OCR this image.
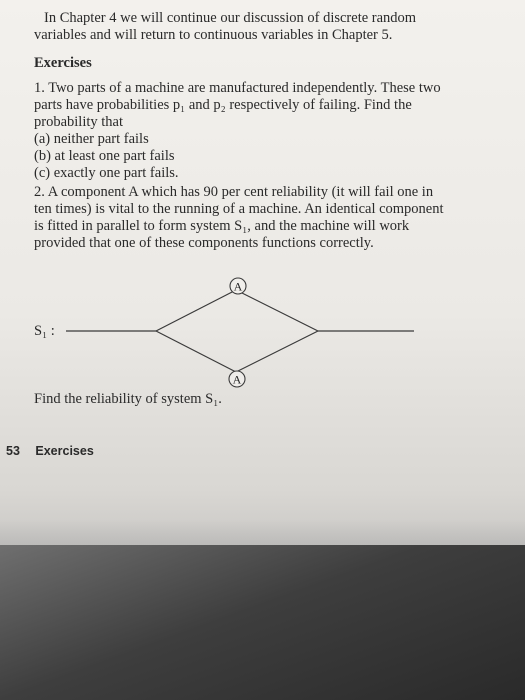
In Chapter 4 we will continue our discussion of discrete random

variables and will return to continuous variables in Chapter 5.

Exercises

1. Two parts of a machine are manufactured independently. These two

parts have probabilities p₁ and p₂ respectively of failing. Find the

probability that

(a) neither part fails

(b) at least one part fails

(c) exactly one part fails.

2. A component A which has 90 per cent reliability (it will fail one in

ten times) is vital to the running of a machine. An identical component

is fitted in parallel to form system S₁, and the machine will work

provided that one of these components functions correctly.

S₁ :
A
A
Find the reliability of system S₁.
53 Exercises
